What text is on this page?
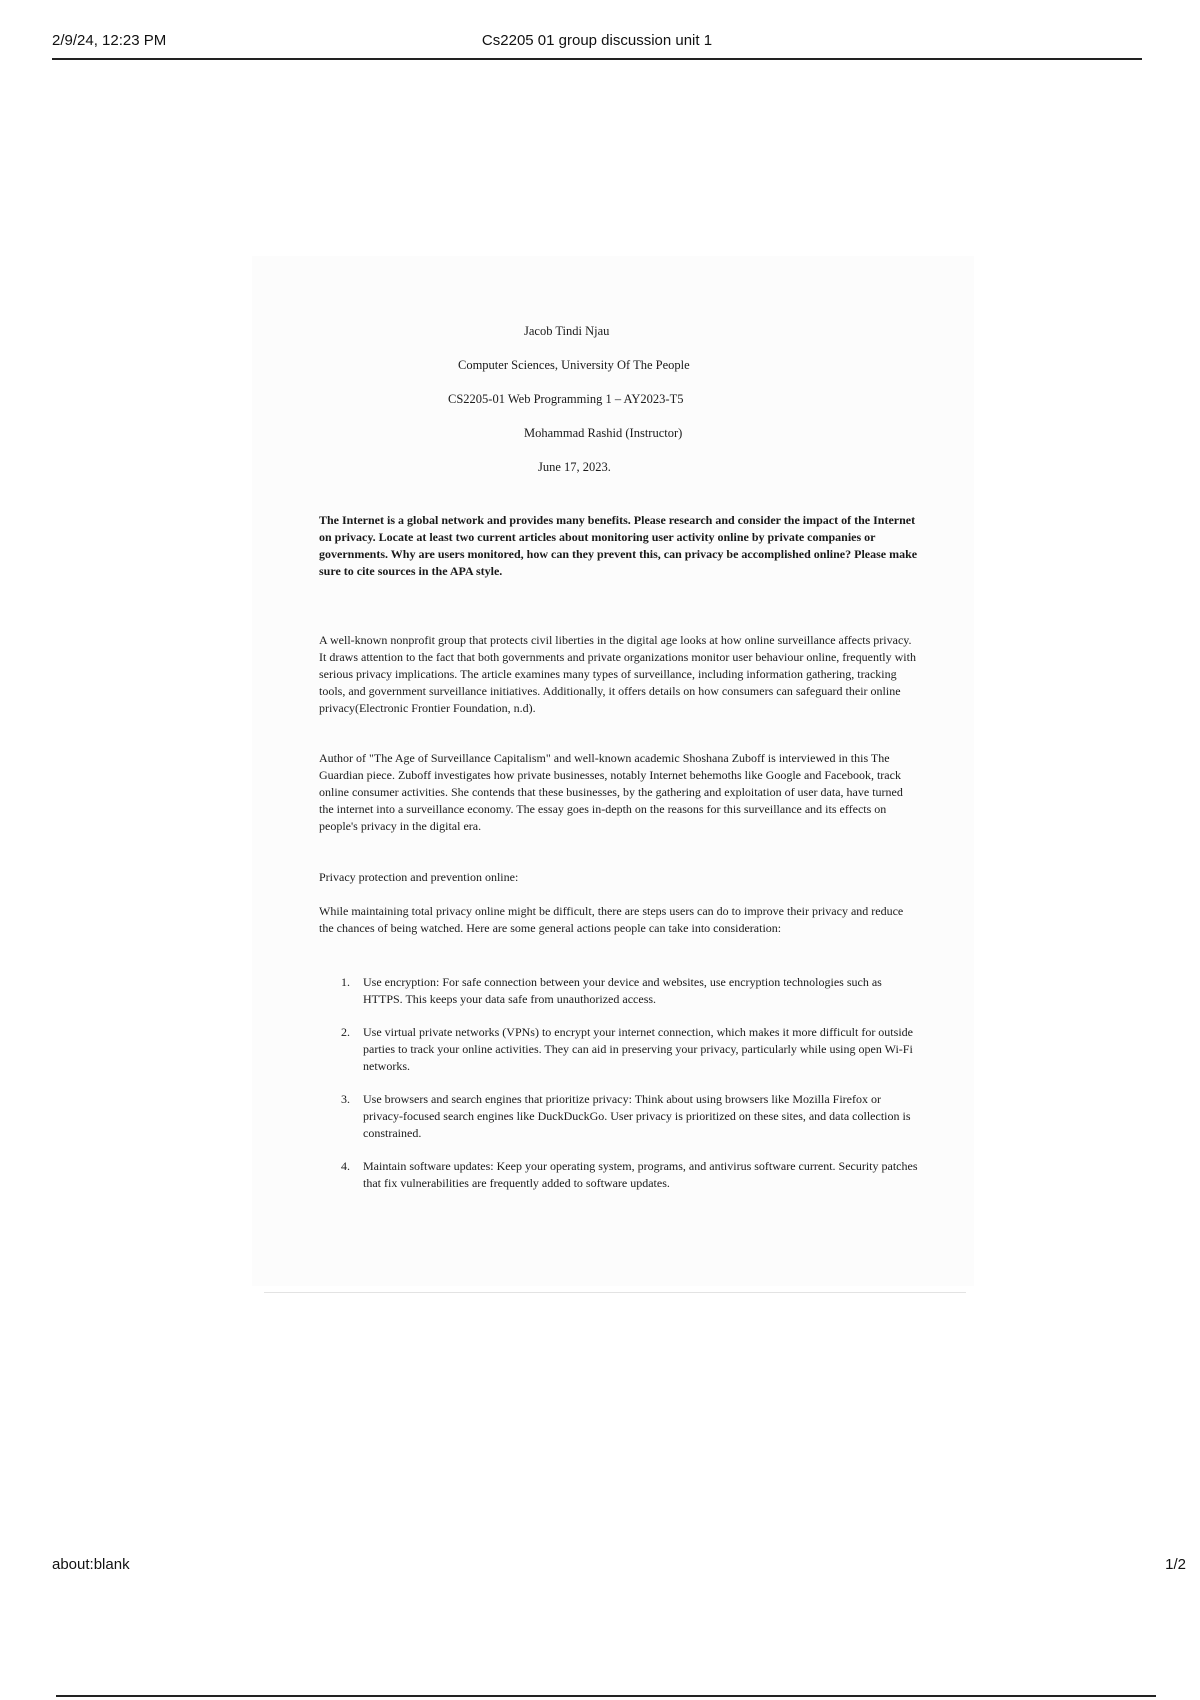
2/9/24, 12:23 PM	Cs2205 01 group discussion unit 1
Jacob Tindi Njau
Computer Sciences, University Of The People
CS2205-01 Web Programming 1 – AY2023-T5
Mohammad Rashid (Instructor)
June 17, 2023.
The Internet is a global network and provides many benefits. Please research and consider the impact of the Internet on privacy. Locate at least two current articles about monitoring user activity online by private companies or governments. Why are users monitored, how can they prevent this, can privacy be accomplished online? Please make sure to cite sources in the APA style.
A well-known nonprofit group that protects civil liberties in the digital age looks at how online surveillance affects privacy. It draws attention to the fact that both governments and private organizations monitor user behaviour online, frequently with serious privacy implications. The article examines many types of surveillance, including information gathering, tracking tools, and government surveillance initiatives. Additionally, it offers details on how consumers can safeguard their online privacy(Electronic Frontier Foundation, n.d).
Author of "The Age of Surveillance Capitalism" and well-known academic Shoshana Zuboff is interviewed in this The Guardian piece. Zuboff investigates how private businesses, notably Internet behemoths like Google and Facebook, track online consumer activities. She contends that these businesses, by the gathering and exploitation of user data, have turned the internet into a surveillance economy. The essay goes in-depth on the reasons for this surveillance and its effects on people's privacy in the digital era.
Privacy protection and prevention online:
While maintaining total privacy online might be difficult, there are steps users can do to improve their privacy and reduce the chances of being watched. Here are some general actions people can take into consideration:
1. Use encryption: For safe connection between your device and websites, use encryption technologies such as HTTPS. This keeps your data safe from unauthorized access.
2. Use virtual private networks (VPNs) to encrypt your internet connection, which makes it more difficult for outside parties to track your online activities. They can aid in preserving your privacy, particularly while using open Wi-Fi networks.
3. Use browsers and search engines that prioritize privacy: Think about using browsers like Mozilla Firefox or privacy-focused search engines like DuckDuckGo. User privacy is prioritized on these sites, and data collection is constrained.
4. Maintain software updates: Keep your operating system, programs, and antivirus software current. Security patches that fix vulnerabilities are frequently added to software updates.
about:blank	1/2
